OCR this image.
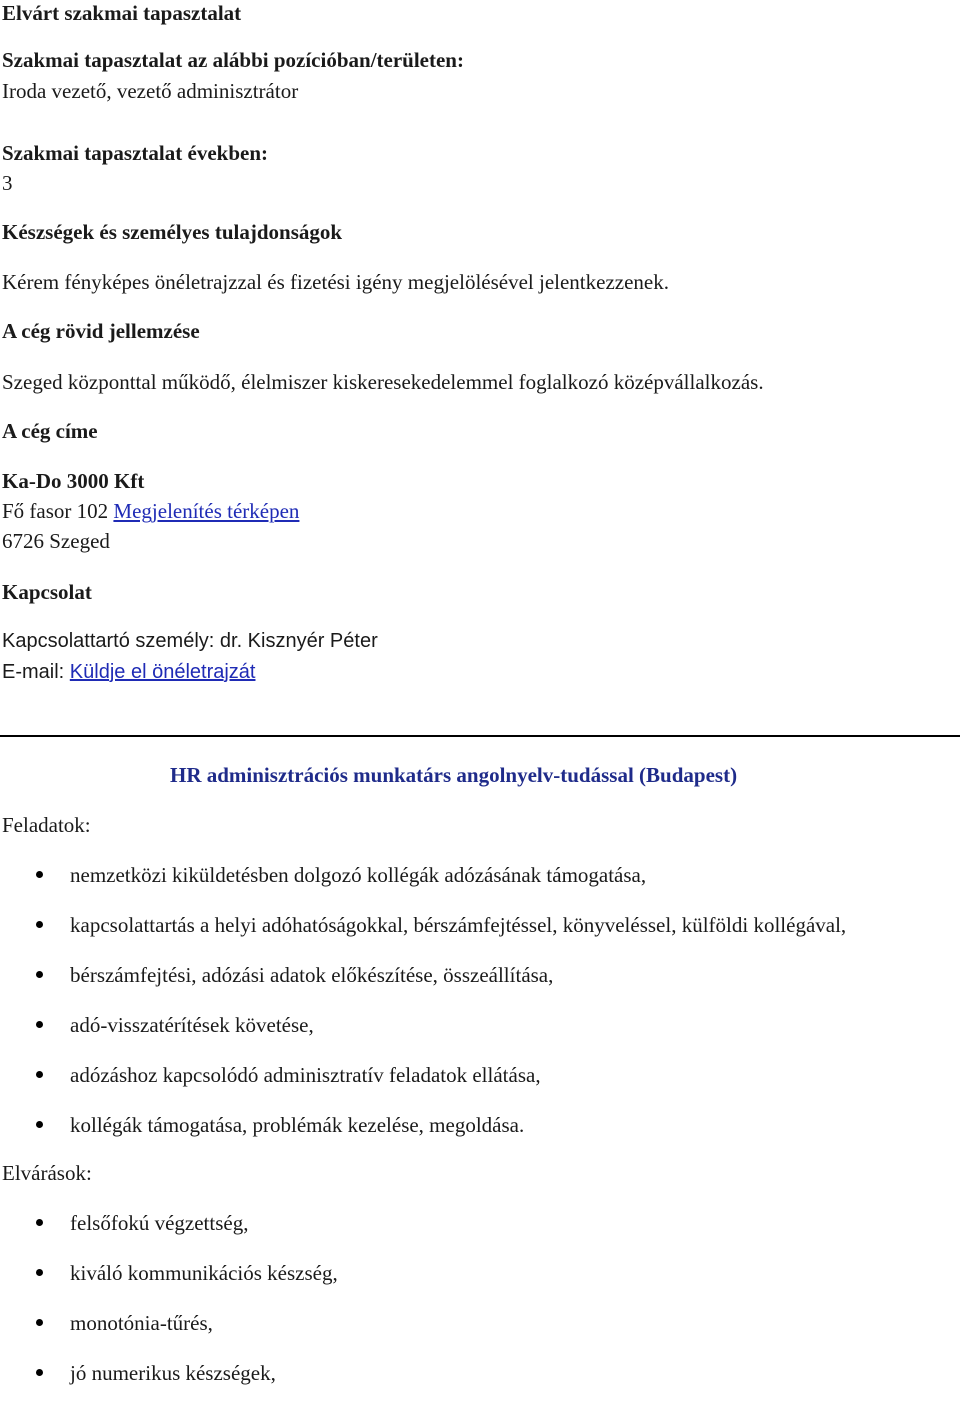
Elvárt szakmai tapasztalat
Szakmai tapasztalat az alábbi pozícióban/területen:
Iroda vezető, vezető adminisztrátor
Szakmai tapasztalat években:
3
Készségek és személyes tulajdonságok
Kérem fényképes önéletrajzzal és fizetési igény megjelölésével jelentkezzenek.
A cég rövid jellemzése
Szeged központtal működő, élelmiszer kiskeresekedelemmel foglalkozó középvállalkozás.
A cég címe
Ka-Do 3000 Kft
Fő fasor 102 Megjelenítés térképen
6726 Szeged
Kapcsolat
Kapcsolattartó személy: dr. Kisznyér Péter
E-mail: Küldje el önéletrajzát
HR adminisztrációs munkatárs angolnyelv-tudással (Budapest)
Feladatok:
nemzetközi kiküldetésben dolgozó kollégák adózásának támogatása,
kapcsolattartás a helyi adóhatóságokkal, bérszámfejtéssel, könyveléssel, külföldi kollégával,
bérszámfejtési, adózási adatok előkészítése, összeállítása,
adó-visszatérítések követése,
adózáshoz kapcsolódó adminisztratív feladatok ellátása,
kollégák támogatása, problémák kezelése, megoldása.
Elvárások:
felsőfokú végzettség,
kiváló kommunikációs készség,
monotónia-tűrés,
jó numerikus készségek,
